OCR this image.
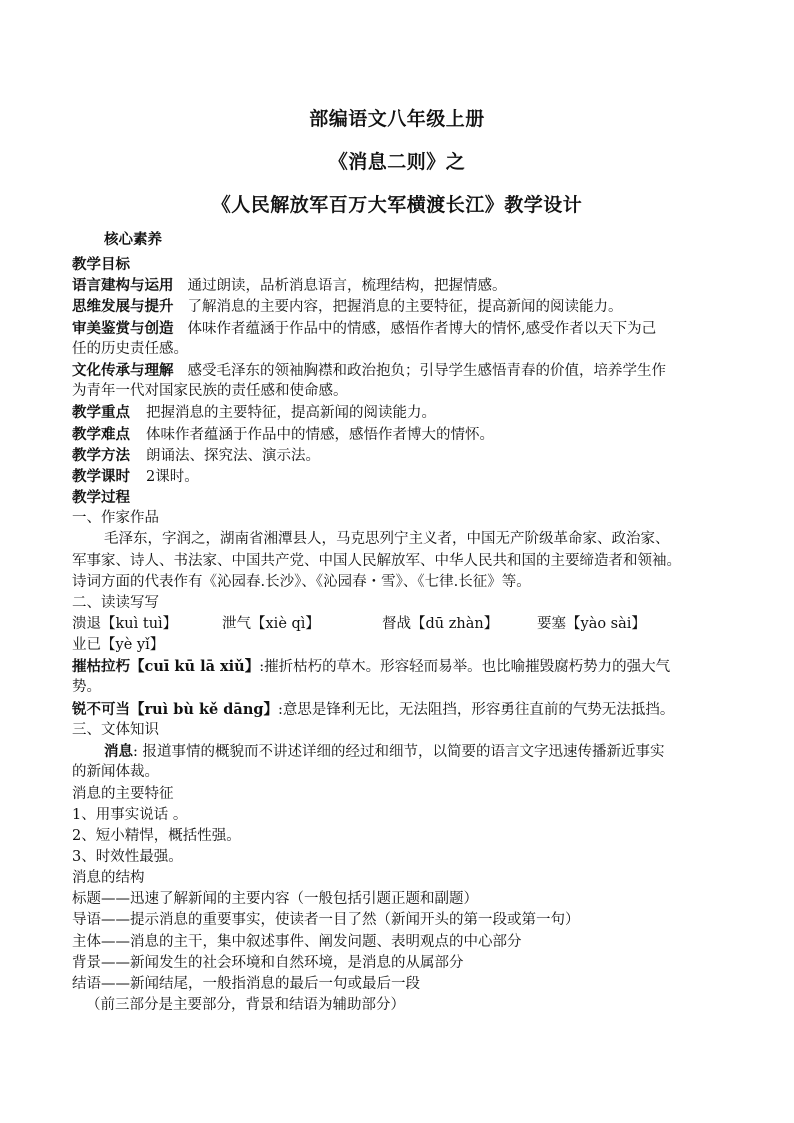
部编语文八年级上册
《消息二则》之
《人民解放军百万大军横渡长江》教学设计
核心素养
教学目标
语言建构与运用 通过朗读，品析消息语言，梳理结构，把握情感。
思维发展与提升 了解消息的主要内容，把握消息的主要特征，提高新闻的阅读能力。
审美鉴赏与创造 体味作者蕴涵于作品中的情感，感悟作者博大的情怀,感受作者以天下为己
任的历史责任感。
文化传承与理解 感受毛泽东的领袖胸襟和政治抱负；引导学生感悟青春的价值，培养学生作
为青年一代对国家民族的责任感和使命感。
教学重点 把握消息的主要特征，提高新闻的阅读能力。
教学难点 体味作者蕴涵于作品中的情感，感悟作者博大的情怀。
教学方法 朗诵法、探究法、演示法。
教学课时 2课时。
教学过程
一、作家作品
毛泽东，字润之，湖南省湘潭县人，马克思列宁主义者，中国无产阶级革命家、政治家、
军事家、诗人、书法家、中国共产党、中国人民解放军、中华人民共和国的主要缔造者和领袖。
诗词方面的代表作有《沁园春.长沙》、《沁园春・雪》、《七律.长征》等。
二、读读写写
溃退【kuì tuì】	泄气【xiè qì】	督战【dū zhàn】	要塞【yào sài】
业已【yè yǐ】
摧枯拉朽【cuī kū lā xiǔ】:摧折枯朽的草木。形容轻而易举。也比喻摧毁腐朽势力的强大气
势。
锐不可当【ruì bù kě dāng】:意思是锋利无比，无法阻挡，形容勇往直前的气势无法抵挡。
三、文体知识
消息: 报道事情的概貌而不讲述详细的经过和细节，以简要的语言文字迅速传播新近事实
的新闻体裁。
消息的主要特征
1、用事实说话 。
2、短小精悍，概括性强。
3、时效性最强。
消息的结构
标题——迅速了解新闻的主要内容（一般包括引题正题和副题）
导语——提示消息的重要事实，使读者一目了然（新闻开头的第一段或第一句）
主体——消息的主干，集中叙述事件、阐发问题、表明观点的中心部分
背景——新闻发生的社会环境和自然环境，是消息的从属部分
结语——新闻结尾，一般指消息的最后一句或最后一段
（前三部分是主要部分，背景和结语为辅助部分）
